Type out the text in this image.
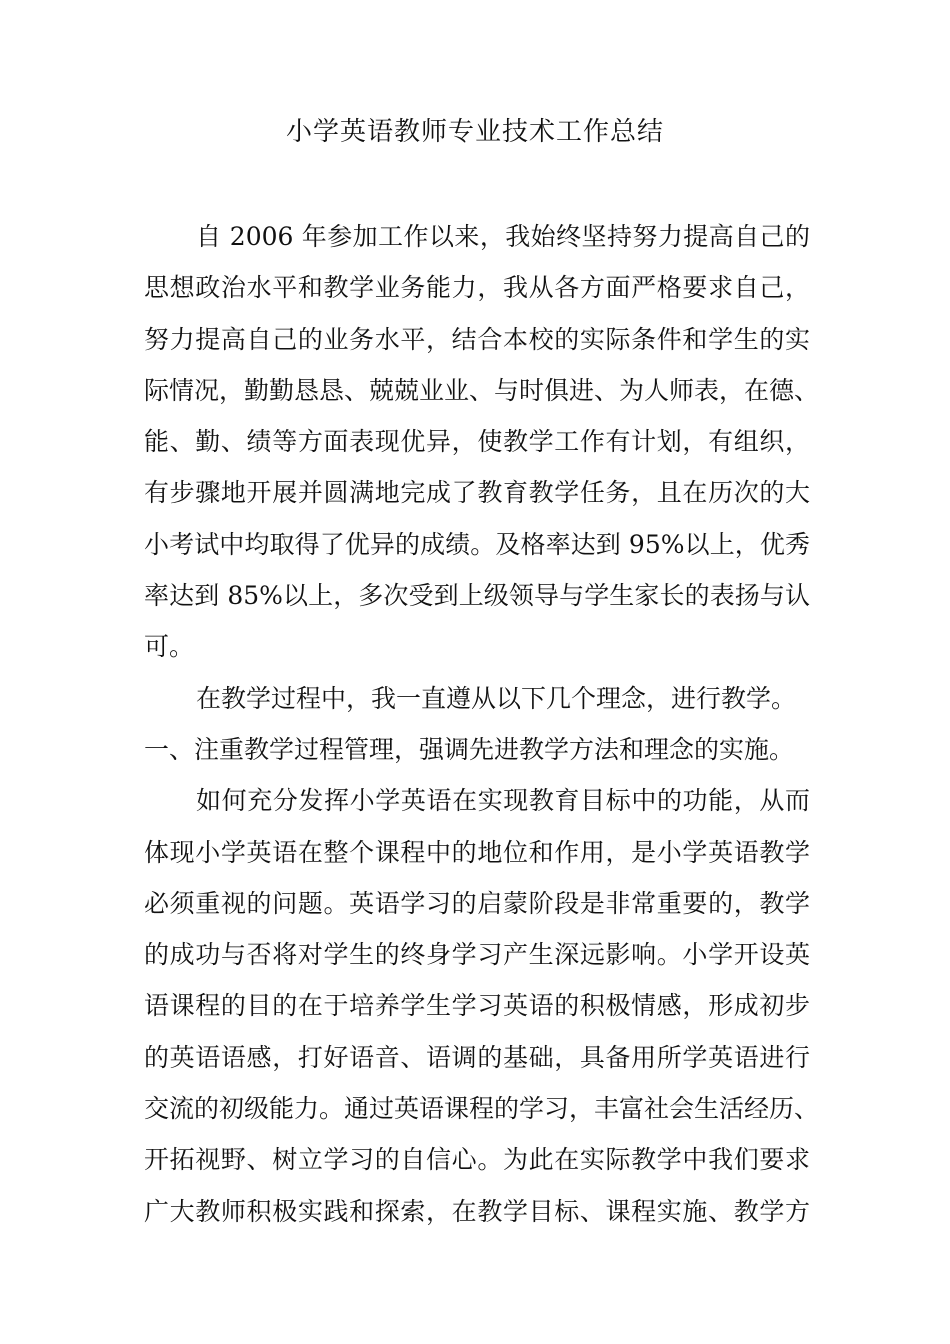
小学英语教师专业技术工作总结
自 2006 年参加工作以来，我始终坚持努力提高自己的
思想政治水平和教学业务能力，我从各方面严格要求自己，
努力提高自己的业务水平，结合本校的实际条件和学生的实
际情况，勤勤恳恳、兢兢业业、与时俱进、为人师表，在德、
能、勤、绩等方面表现优异，使教学工作有计划，有组织，
有步骤地开展并圆满地完成了教育教学任务，且在历次的大
小考试中均取得了优异的成绩。及格率达到 95%以上，优秀
率达到 85%以上，多次受到上级领导与学生家长的表扬与认
可。
在教学过程中，我一直遵从以下几个理念，进行教学。
一、注重教学过程管理，强调先进教学方法和理念的实施。
如何充分发挥小学英语在实现教育目标中的功能，从而
体现小学英语在整个课程中的地位和作用，是小学英语教学
必须重视的问题。英语学习的启蒙阶段是非常重要的，教学
的成功与否将对学生的终身学习产生深远影响。小学开设英
语课程的目的在于培养学生学习英语的积极情感，形成初步
的英语语感，打好语音、语调的基础，具备用所学英语进行
交流的初级能力。通过英语课程的学习，丰富社会生活经历、
开拓视野、树立学习的自信心。为此在实际教学中我们要求
广大教师积极实践和探索，在教学目标、课程实施、教学方
